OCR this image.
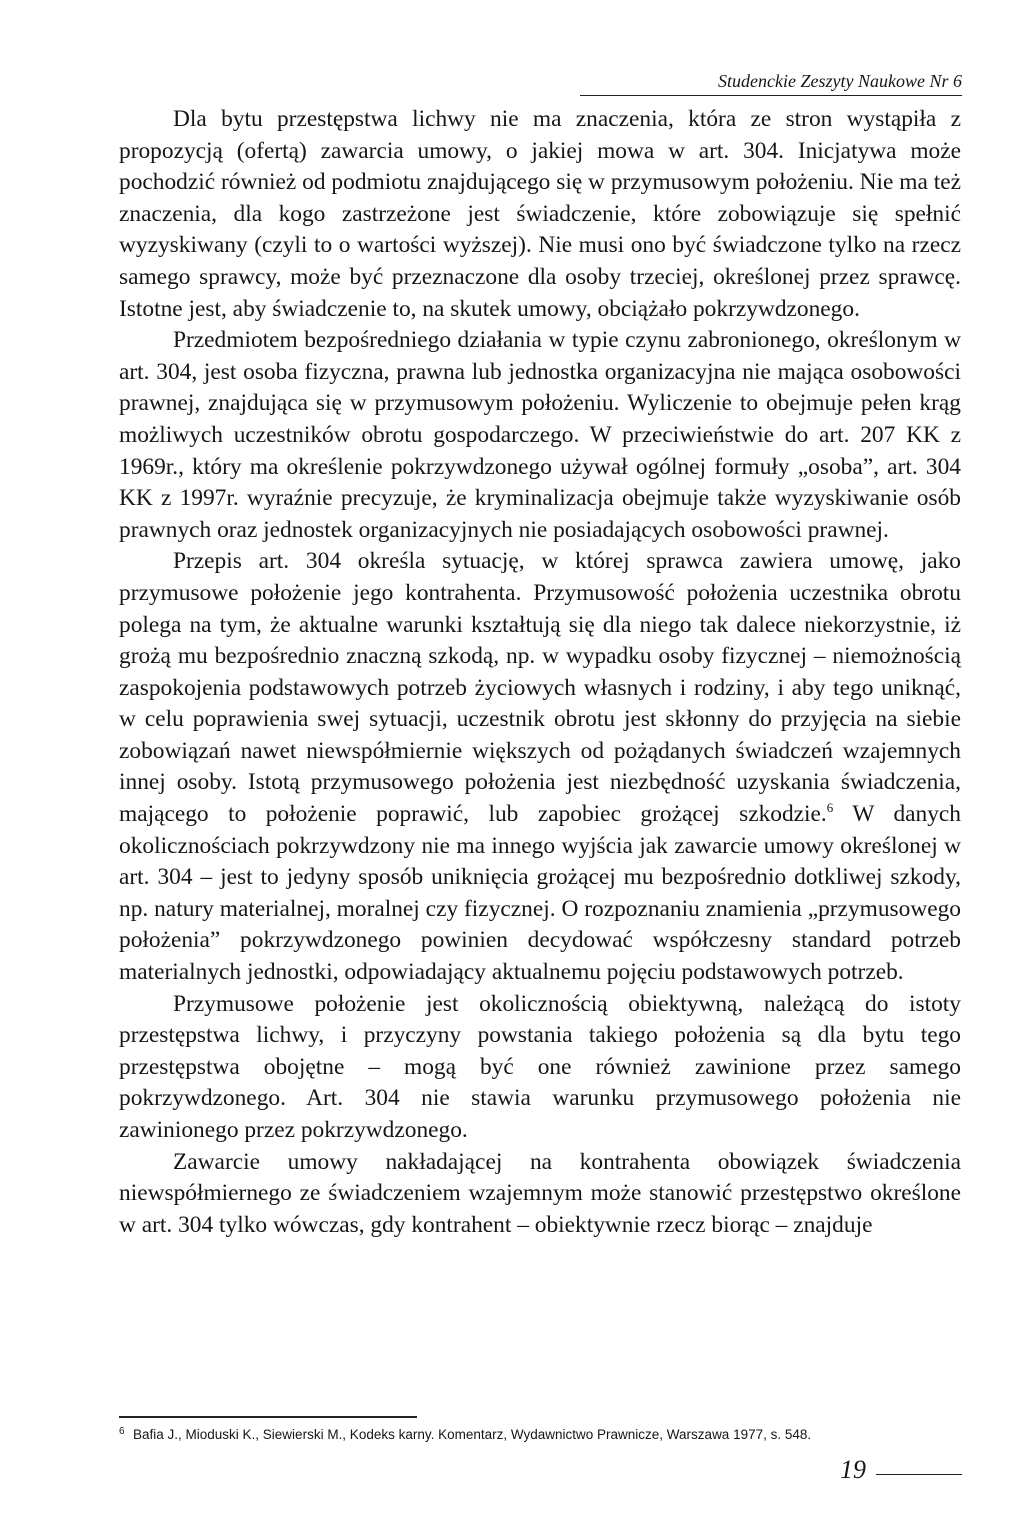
Studenckie Zeszyty Naukowe Nr 6

Dla bytu przestępstwa lichwy nie ma znaczenia, która ze stron wystąpiła z propozycją (ofertą) zawarcia umowy, o jakiej mowa w art. 304. Inicjatywa może pochodzić również od podmiotu znajdującego się w przymusowym położeniu. Nie ma też znaczenia, dla kogo zastrzeżone jest świadczenie, które zobowiązuje się spełnić wyzyskiwany (czyli to o wartości wyższej). Nie musi ono być świadczone tylko na rzecz samego sprawcy, może być przeznaczone dla osoby trzeciej, określonej przez sprawcę. Istotne jest, aby świadczenie to, na skutek umowy, obciążało pokrzywdzonego.

Przedmiotem bezpośredniego działania w typie czynu zabronionego, określonym w art. 304, jest osoba fizyczna, prawna lub jednostka organizacyjna nie mająca osobowości prawnej, znajdująca się w przymusowym położeniu. Wyliczenie to obejmuje pełen krąg możliwych uczestników obrotu gospodarczego. W przeciwieństwie do art. 207 KK z 1969r., który ma określenie pokrzywdzonego używał ogólnej formuły „osoba”, art. 304 KK z 1997r. wyraźnie precyzuje, że kryminalizacja obejmuje także wyzyskiwanie osób prawnych oraz jednostek organizacyjnych nie posiadających osobowości prawnej.

Przepis art. 304 określa sytuację, w której sprawca zawiera umowę, jako przymusowe położenie jego kontrahenta. Przymusowość położenia uczestnika obrotu polega na tym, że aktualne warunki kształtują się dla niego tak dalece niekorzystnie, iż grożą mu bezpośrednio znaczną szkodą, np. w wypadku osoby fizycznej – niemożnością zaspokojenia podstawowych potrzeb życiowych własnych i rodziny, i aby tego uniknąć, w celu poprawienia swej sytuacji, uczestnik obrotu jest skłonny do przyjęcia na siebie zobowiązań nawet niewspółmiernie większych od pożądanych świadczeń wzajemnych innej osoby. Istotą przymusowego położenia jest niezbędność uzyskania świadczenia, mającego to położenie poprawić, lub zapobiec grożącej szkodzie.$^6$ W danych okolicznościach pokrzywdzony nie ma innego wyjścia jak zawarcie umowy określonej w art. 304 – jest to jedyny sposób uniknięcia grożącej mu bezpośrednio dotkliwej szkody, np. natury materialnej, moralnej czy fizycznej. O rozpoznaniu znamienia „przymusowego położenia” pokrzywdzonego powinien decydować współczesny standard potrzeb materialnych jednostki, odpowiadający aktualnemu pojęciu podstawowych potrzeb.

Przymusowe położenie jest okolicznością obiektywną, należącą do istoty przestępstwa lichwy, i przyczyny powstania takiego położenia są dla bytu tego przestępstwa obojętne – mogą być one również zawinione przez samego pokrzywdzonego. Art. 304 nie stawia warunku przymusowego położenia nie zawinionego przez pokrzywdzonego.

Zawarcie umowy nakładającej na kontrahenta obowiązek świadczenia niewspółmiernego ze świadczeniem wzajemnym może stanowić przestępstwo określone w art. 304 tylko wówczas, gdy kontrahent – obiektywnie rzecz biorąc – znajduje

6 Bafia J., Mioduski K., Siewierski M., Kodeks karny. Komentarz, Wydawnictwo Prawnicze, Warszawa 1977, s. 548.
19
